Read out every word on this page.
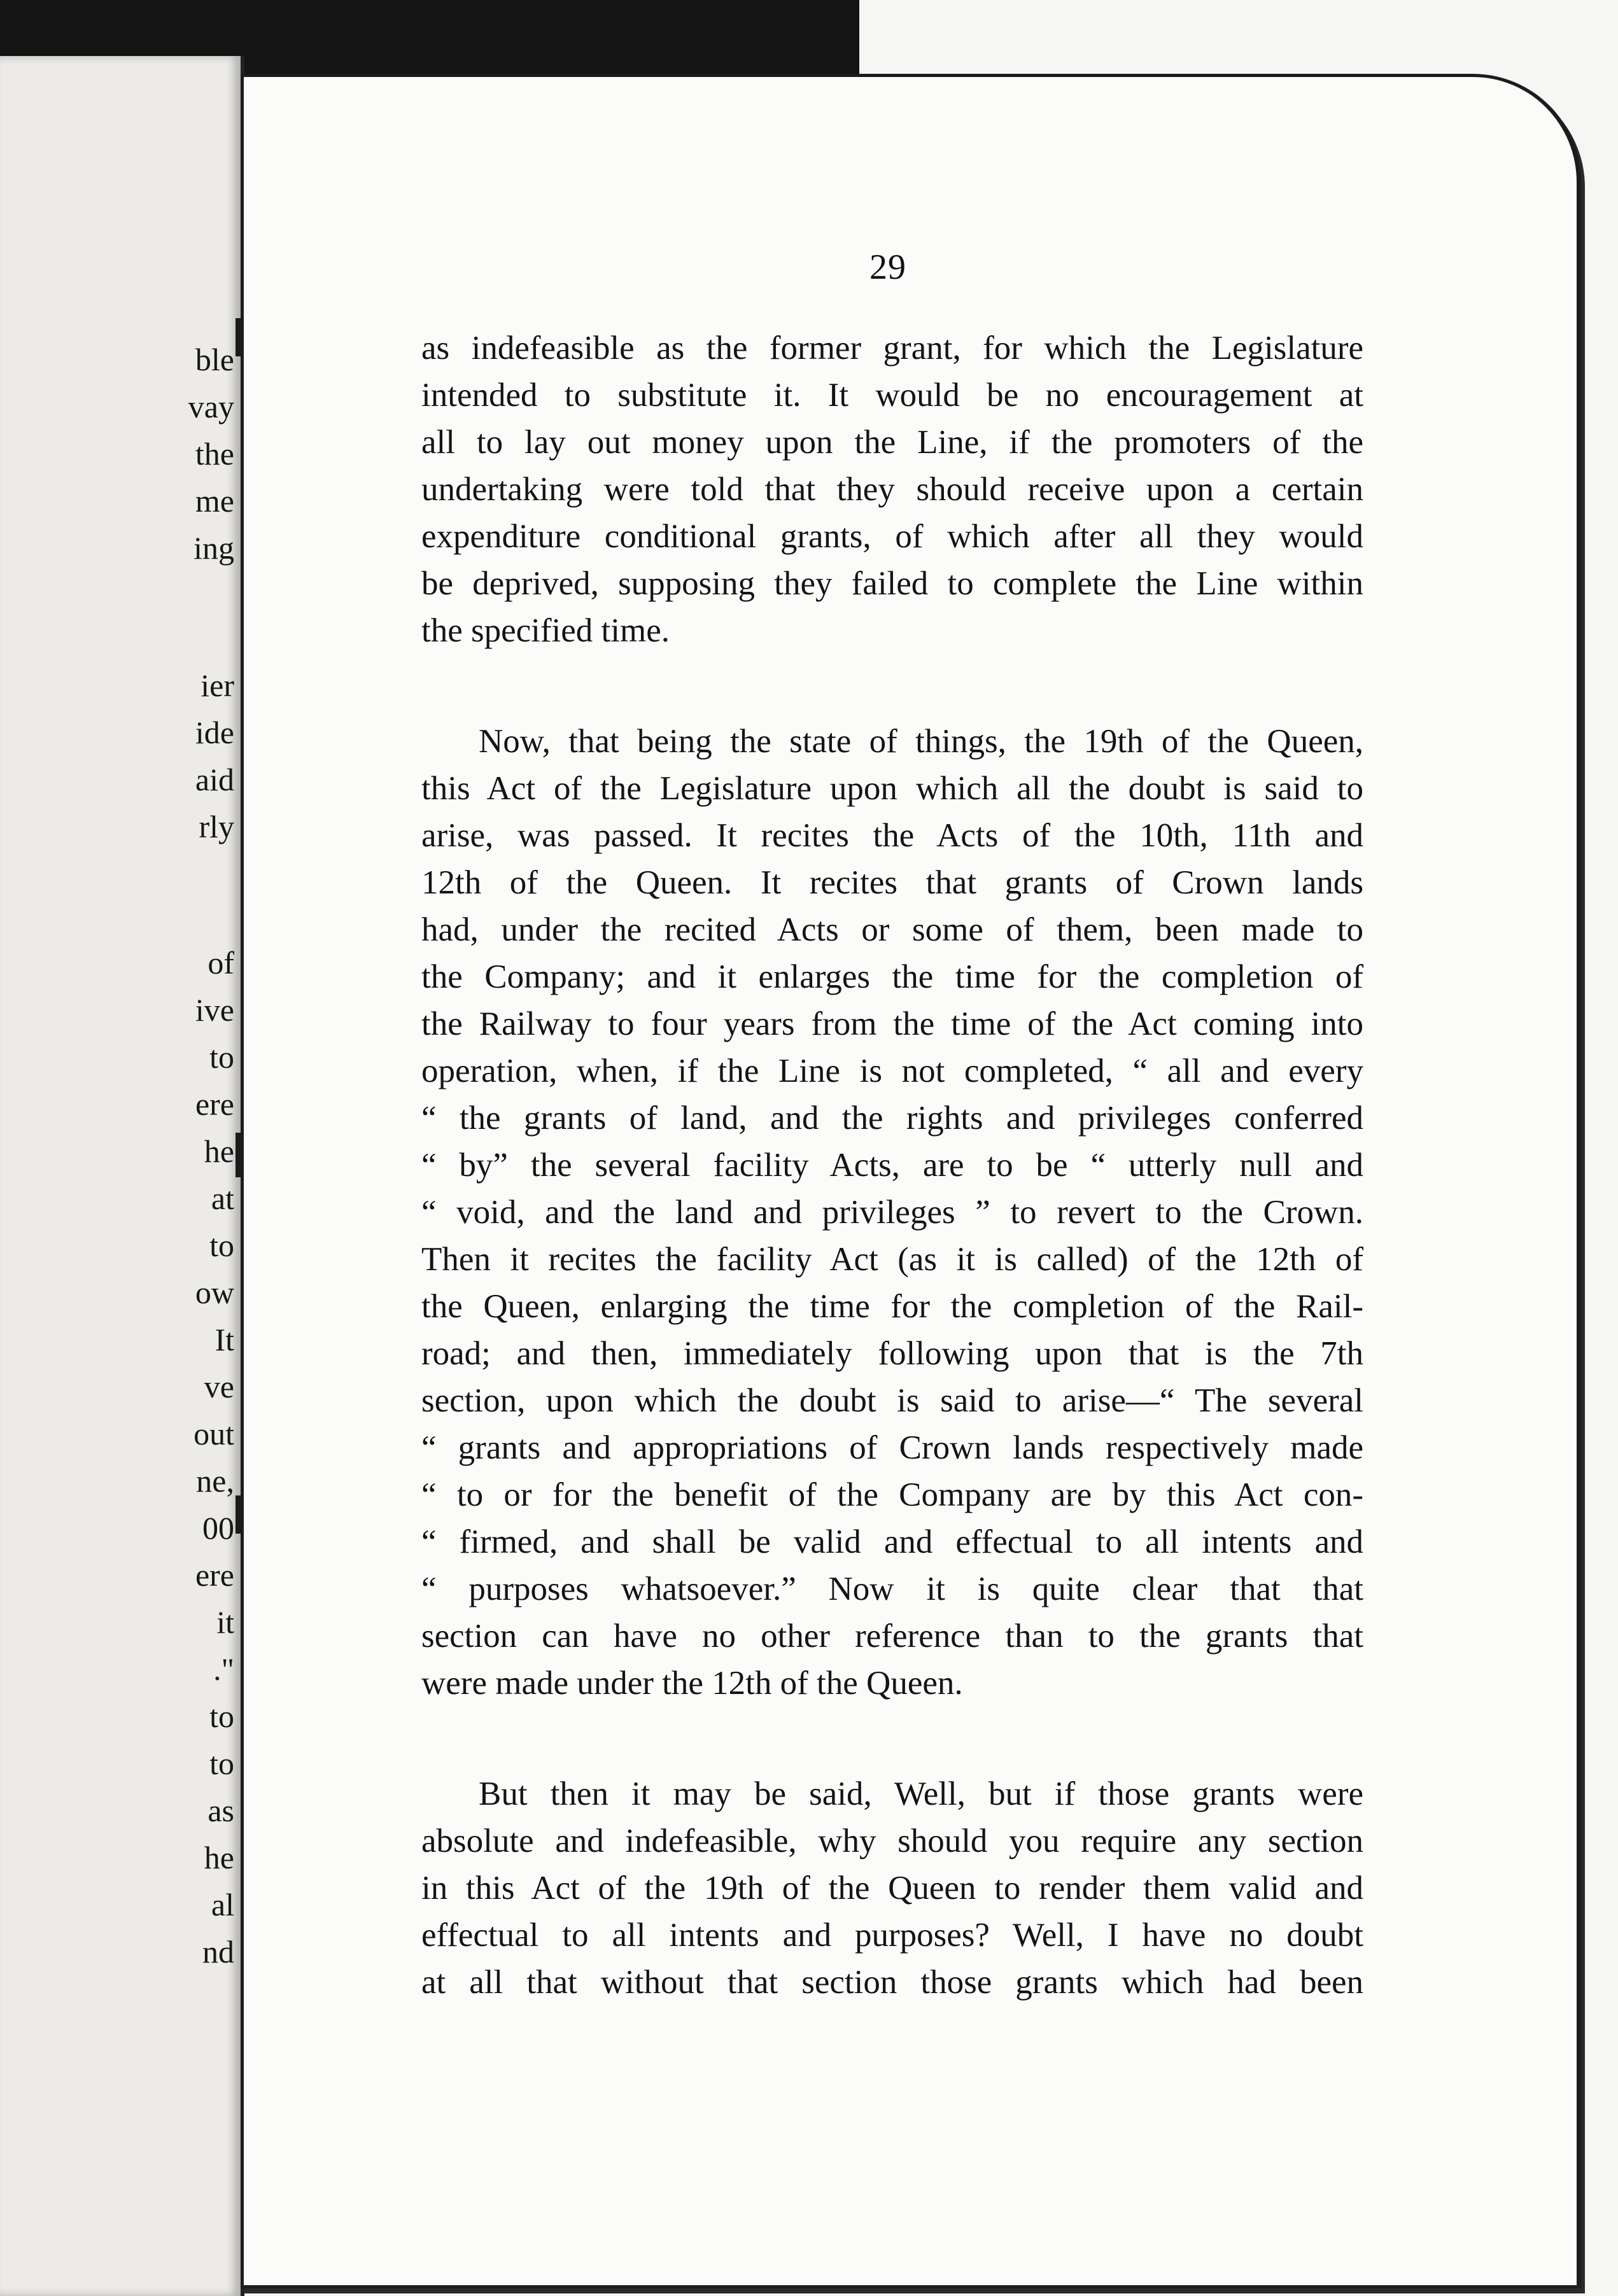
ble
vay
the
me
ing
ier
ide
aid
rly
of
ive
to
ere
he
at
to
ow
It
ve
out
ne,
00
ere
it
."
to
to
as
he
al
nd
29
as indefeasible as the former grant, for which the Legislature
intended to substitute it. It would be no encouragement at
all to lay out money upon the Line, if the promoters of the
undertaking were told that they should receive upon a certain
expenditure conditional grants, of which after all they would
be deprived, supposing they failed to complete the Line within
the specified time.
Now, that being the state of things, the 19th of the Queen,
this Act of the Legislature upon which all the doubt is said to
arise, was passed. It recites the Acts of the 10th, 11th and
12th of the Queen. It recites that grants of Crown lands
had, under the recited Acts or some of them, been made to
the Company; and it enlarges the time for the completion of
the Railway to four years from the time of the Act coming into
operation, when, if the Line is not completed, “ all and every
“ the grants of land, and the rights and privileges conferred
“ by” the several facility Acts, are to be “ utterly null and
“ void, and the land and privileges ” to revert to the Crown.
Then it recites the facility Act (as it is called) of the 12th of
the Queen, enlarging the time for the completion of the Rail-
road; and then, immediately following upon that is the 7th
section, upon which the doubt is said to arise—“ The several
“ grants and appropriations of Crown lands respectively made
“ to or for the benefit of the Company are by this Act con-
“ firmed, and shall be valid and effectual to all intents and
“ purposes whatsoever.” Now it is quite clear that that
section can have no other reference than to the grants that
were made under the 12th of the Queen.
But then it may be said, Well, but if those grants were
absolute and indefeasible, why should you require any section
in this Act of the 19th of the Queen to render them valid and
effectual to all intents and purposes? Well, I have no doubt
at all that without that section those grants which had been
